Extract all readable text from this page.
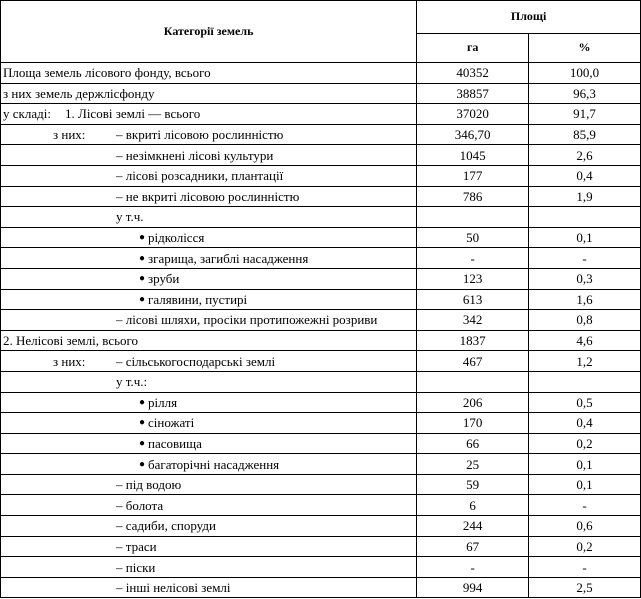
Категорії земель	Площі	
	га	%

Площа земель лісового фонду, всього	40352	100,0

з них земель держлісфонду	38857	96,3

у складі: 1. Лісові землі — всього	37020	91,7

з них: – вкриті лісовою рослинністю	346,70	85,9

– незімкнені лісові культури	1045	2,6

– лісові розсадники, плантації	177	0,4

– не вкриті лісовою рослинністю	786	1,9

у т.ч.		

● рідколісся	50	0,1

● згарища, загиблі насадження	-	-

● зруби	123	0,3

● галявини, пустирі	613	1,6

– лісові шляхи, просіки протипожежні розриви	342	0,8

2. Нелісові землі, всього	1837	4,6

з них: – сільськогосподарські землі	467	1,2

у т.ч.:		

● рілля	206	0,5

● сіножаті	170	0,4

● пасовища	66	0,2

● багаторічні насадження	25	0,1

– під водою	59	0,1

– болота	6	-

– садиби, споруди	244	0,6

– траси	67	0,2

– піски	-	-

– інші нелісові землі	994	2,5
